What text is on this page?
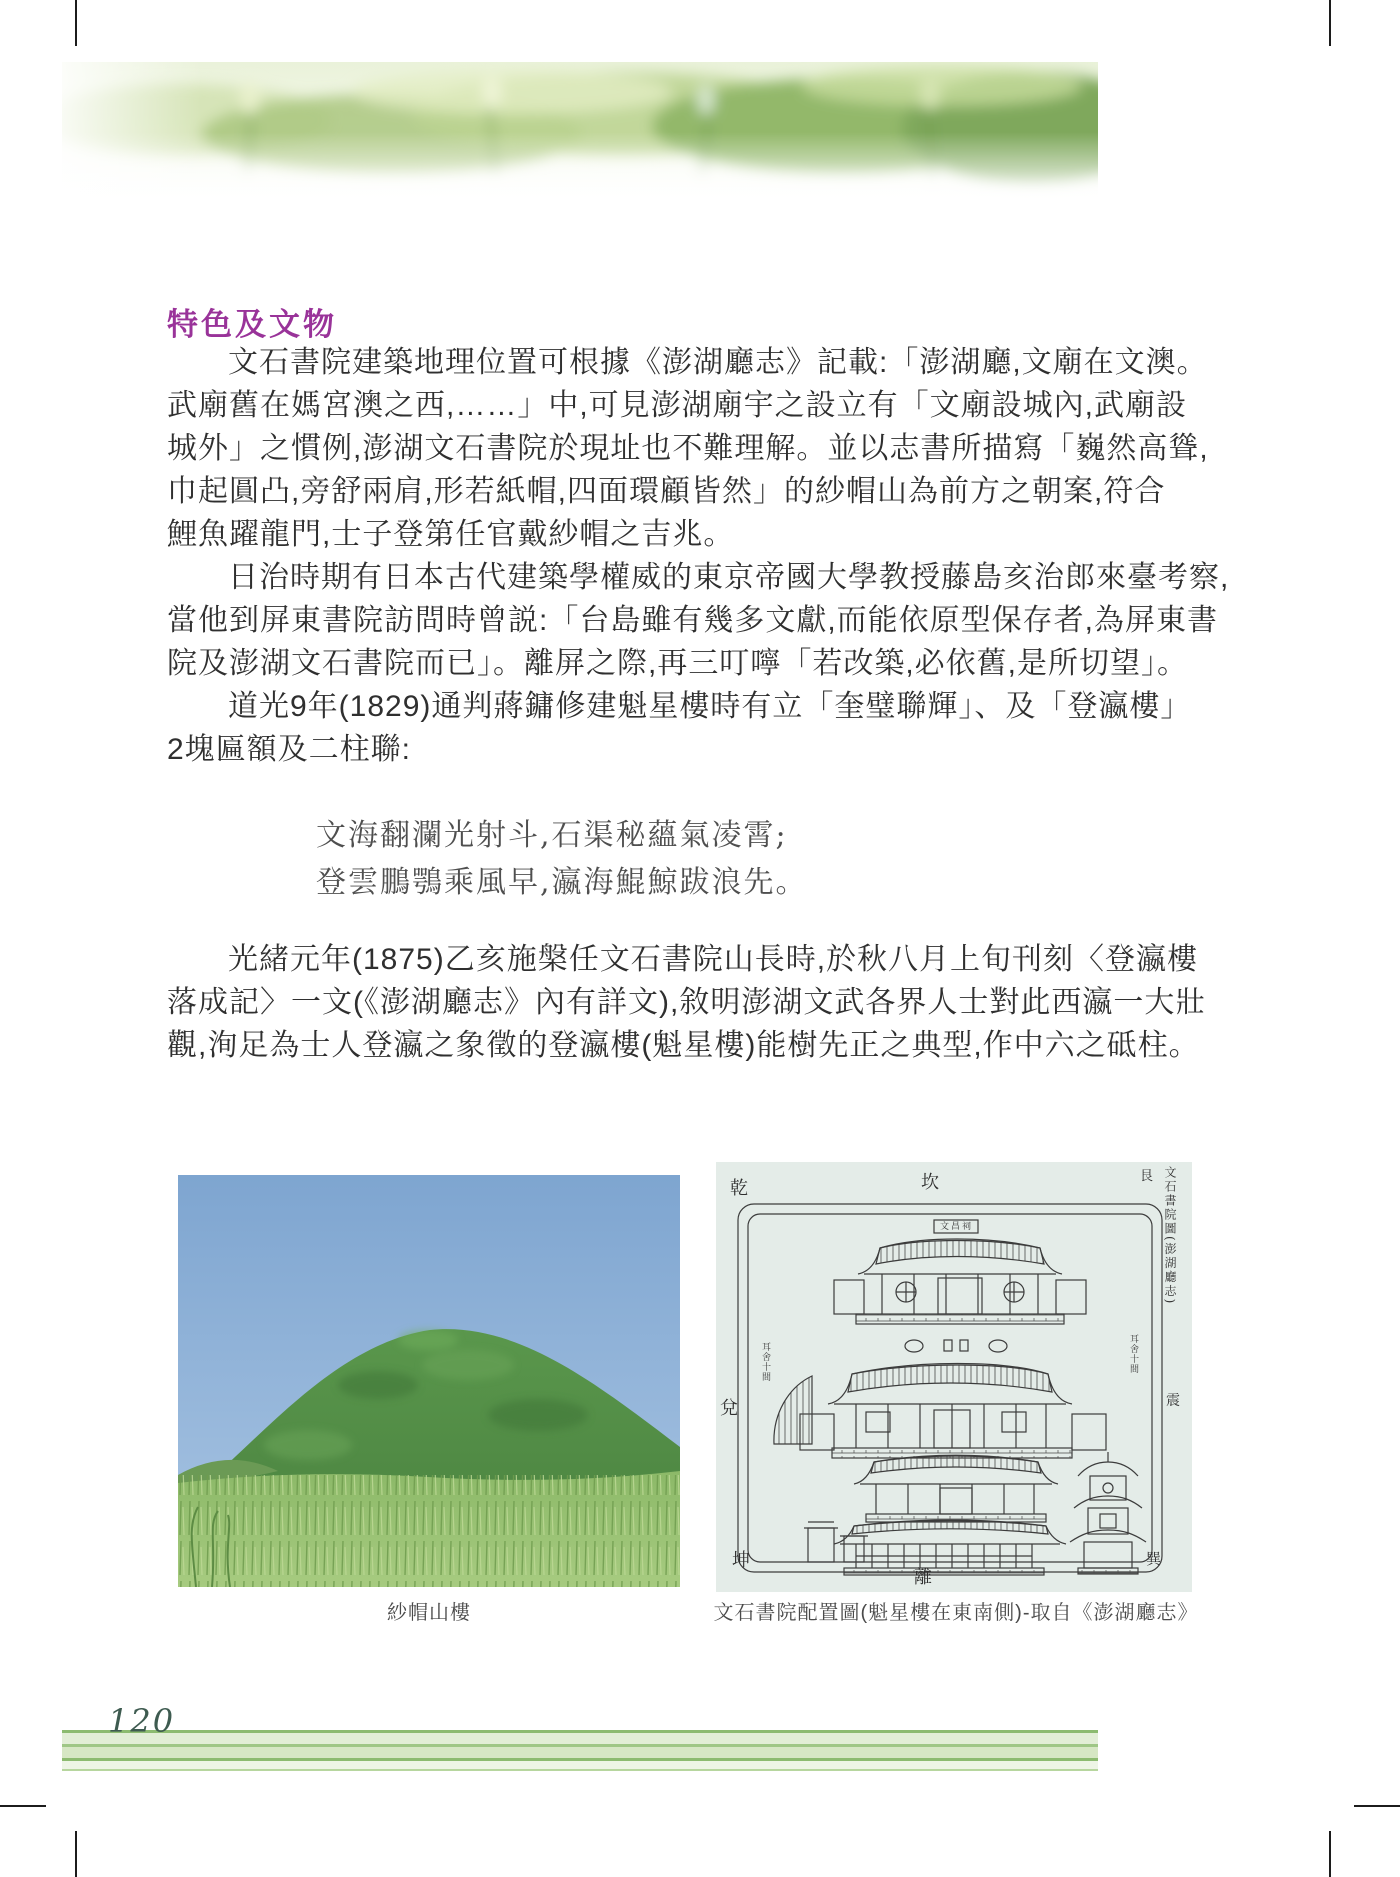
特色及文物
文石書院建築地理位置可根據《澎湖廳志》記載:「澎湖廳,文廟在文澳。
武廟舊在媽宮澳之西,……」中,可見澎湖廟宇之設立有「文廟設城內,武廟設
城外」之慣例,澎湖文石書院於現址也不難理解。並以志書所描寫「巍然高聳,
巾起圓凸,旁舒兩肩,形若紙帽,四面環顧皆然」的紗帽山為前方之朝案,符合
鯉魚躍龍門,士子登第任官戴紗帽之吉兆。
日治時期有日本古代建築學權威的東京帝國大學教授藤島亥治郎來臺考察,
當他到屏東書院訪問時曾説:「台島雖有幾多文獻,而能依原型保存者,為屏東書
院及澎湖文石書院而已」。離屏之際,再三叮嚀「若改築,必依舊,是所切望」。
道光9年(1829)通判蔣鏞修建魁星樓時有立「奎璧聯輝」、及「登瀛樓」
2塊匾額及二柱聯:
文海翻瀾光射斗,石渠秘蘊氣凌霄;
登雲鵬鶚乘風早,瀛海鯤鯨跋浪先。
光緒元年(1875)乙亥施槃任文石書院山長時,於秋八月上旬刊刻〈登瀛樓
落成記〉一文(《澎湖廳志》內有詳文),敘明澎湖文武各界人士對此西瀛一大壯
觀,洵足為士人登瀛之象徵的登瀛樓(魁星樓)能樹先正之典型,作中六之砥柱。
乾	坎	艮
兌	震
坤
離
巽
文昌祠
耳舍十間	耳舍十間
文石書院圖(澎湖廳志)
紗帽山樓	文石書院配置圖(魁星樓在東南側)-取自《澎湖廳志》
120
